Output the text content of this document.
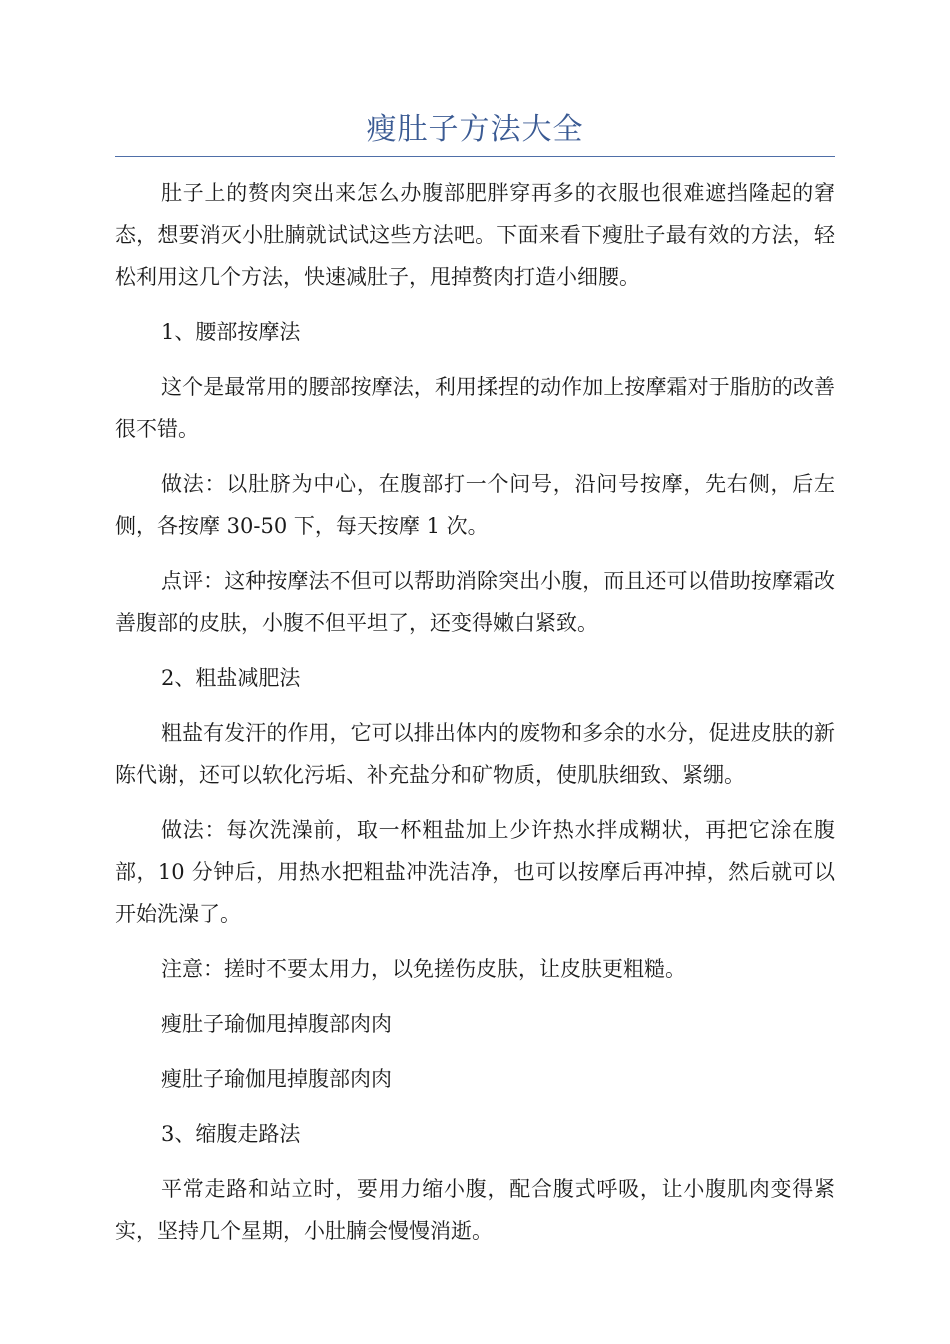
瘦肚子方法大全

肚子上的赘肉突出来怎么办腹部肥胖穿再多的衣服也很难遮挡隆起的窘态，想要消灭小肚腩就试试这些方法吧。下面来看下瘦肚子最有效的方法，轻松利用这几个方法，快速减肚子，甩掉赘肉打造小细腰。

1、腰部按摩法

这个是最常用的腰部按摩法，利用揉捏的动作加上按摩霜对于脂肪的改善很不错。

做法：以肚脐为中心，在腹部打一个问号，沿问号按摩，先右侧，后左侧，各按摩 30-50 下，每天按摩 1 次。

点评：这种按摩法不但可以帮助消除突出小腹，而且还可以借助按摩霜改善腹部的皮肤，小腹不但平坦了，还变得嫩白紧致。

2、粗盐减肥法

粗盐有发汗的作用，它可以排出体内的废物和多余的水分，促进皮肤的新陈代谢，还可以软化污垢、补充盐分和矿物质，使肌肤细致、紧绷。

做法：每次洗澡前，取一杯粗盐加上少许热水拌成糊状，再把它涂在腹部，10 分钟后，用热水把粗盐冲洗洁净，也可以按摩后再冲掉，然后就可以开始洗澡了。

注意：搓时不要太用力，以免搓伤皮肤，让皮肤更粗糙。

瘦肚子瑜伽甩掉腹部肉肉

瘦肚子瑜伽甩掉腹部肉肉

3、缩腹走路法

平常走路和站立时，要用力缩小腹，配合腹式呼吸，让小腹肌肉变得紧实，坚持几个星期，小肚腩会慢慢消逝。
